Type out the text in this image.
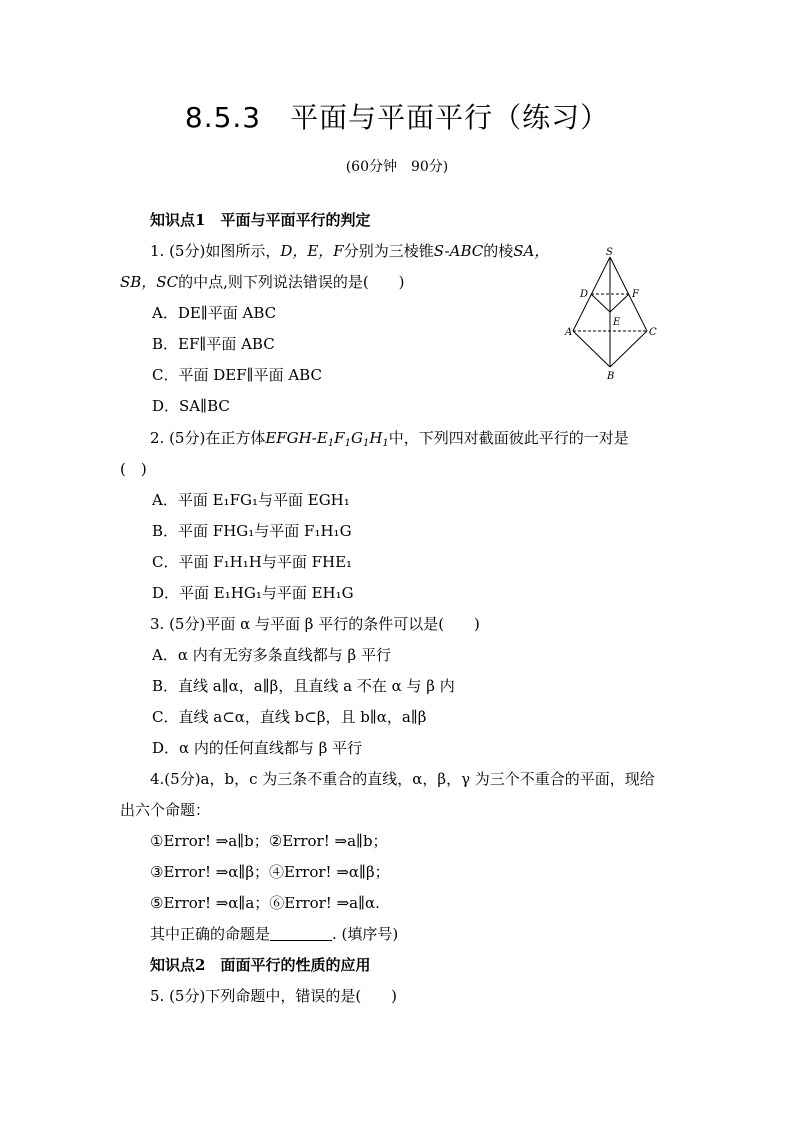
8.5.3　平面与平面平行（练习）
(60分钟　90分)
知识点1　平面与平面平行的判定
1. (5分)如图所示，D，E，F分别为三棱锥S-ABC的棱SA，
SB，SC的中点,则下列说法错误的是(　　)
A．DE∥平面 ABC
B．EF∥平面 ABC
C．平面 DEF∥平面 ABC
D．SA∥BC
S
D	F
E
A	C
B
2. (5分)在正方体EFGH-$E_1F_1G_1H_1$中，下列四对截面彼此平行的一对是
(　)
A．平面 E₁FG₁与平面 EGH₁
B．平面 FHG₁与平面 F₁H₁G
C．平面 F₁H₁H与平面 FHE₁
D．平面 E₁HG₁与平面 EH₁G
3. (5分)平面 α 与平面 β 平行的条件可以是(　　)
A．α 内有无穷多条直线都与 β 平行
B．直线 a∥α，a∥β，且直线 a 不在 α 与 β 内
C．直线 a⊂α，直线 b⊂β，且 b∥α，a∥β
D．α 内的任何直线都与 β 平行
4.(5分)a，b，c 为三条不重合的直线，α，β，γ 为三个不重合的平面，现给
出六个命题：
①Error! ⇒a∥b；②Error! ⇒a∥b；
③Error! ⇒α∥β；④Error! ⇒α∥β；
⑤Error! ⇒α∥a；⑥Error! ⇒a∥α.
其中正确的命题是	. (填序号)
知识点2　面面平行的性质的应用
5. (5分)下列命题中，错误的是(　　)
